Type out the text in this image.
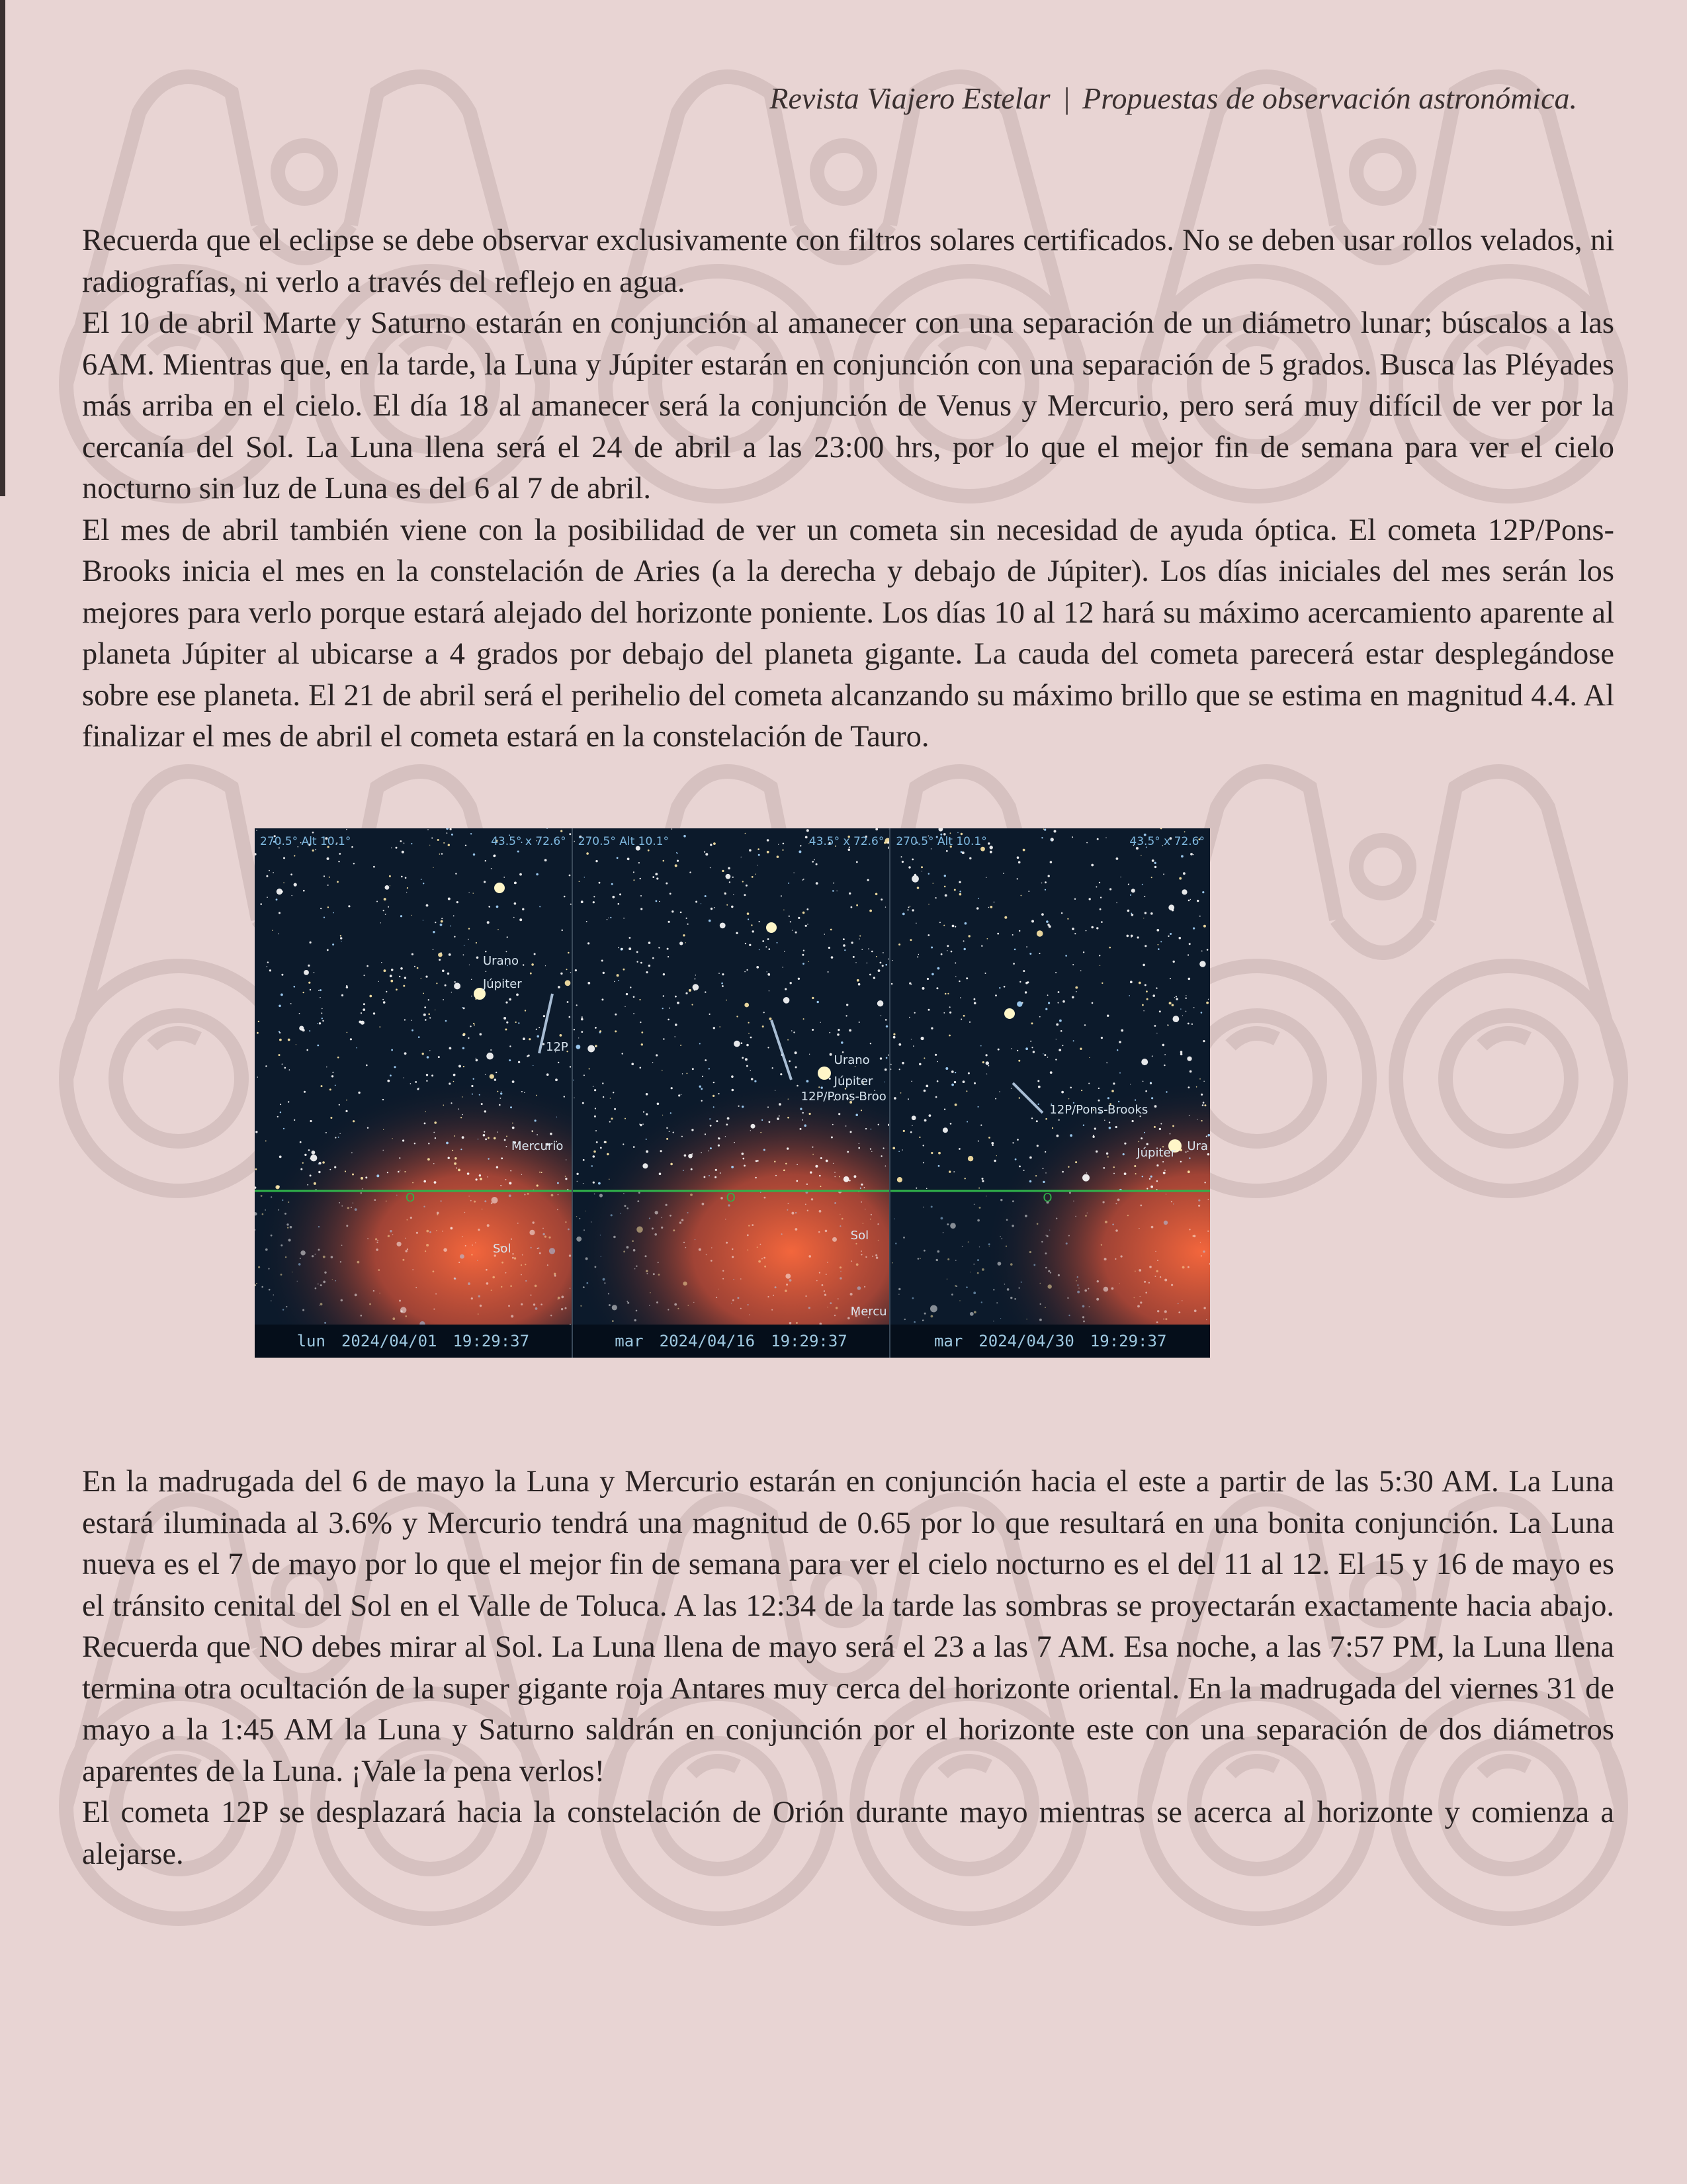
Revista Viajero Estelar | Propuestas de observación astronómica.

Recuerda que el eclipse se debe observar exclusivamente con filtros solares certificados. No se deben usar rollos velados, ni radiografías, ni verlo a través del reflejo en agua.

El 10 de abril Marte y Saturno estarán en conjunción al amanecer con una separación de un diámetro lunar; búscalos a las 6AM. Mientras que, en la tarde, la Luna y Júpiter estarán en conjunción con una separación de 5 grados. Busca las Pléyades más arriba en el cielo. El día 18 al amanecer será la conjunción de Venus y Mercurio, pero será muy difícil de ver por la cercanía del Sol. La Luna llena será el 24 de abril a las 23:00 hrs, por lo que el mejor fin de semana para ver el cielo nocturno sin luz de Luna es del 6 al 7 de abril.

El mes de abril también viene con la posibilidad de ver un cometa sin necesidad de ayuda óptica. El cometa 12P/Pons-Brooks inicia el mes en la constelación de Aries (a la derecha y debajo de Júpiter). Los días iniciales del mes serán los mejores para verlo porque estará alejado del horizonte poniente. Los días 10 al 12 hará su máximo acercamiento aparente al planeta Júpiter al ubicarse a 4 grados por debajo del planeta gigante. La cauda del cometa parecerá estar desplegándose sobre ese planeta. El 21 de abril será el perihelio del cometa alcanzando su máximo brillo que se estima en magnitud 4.4. Al finalizar el mes de abril el cometa estará en la constelación de Tauro.

270.5° Alt 10.1°	43.5° x 72.6°
Urano
Júpiter
12P
Mercurio
Sol
O
lun 2024/04/01 19:29:37
270.5° Alt 10.1°	43.5° x 72.6°
Urano
Júpiter
12P/Pons-Broo
Sol
Mercu
O
mar 2024/04/16 19:29:37
270.5° Alt 10.1°	43.5° x 72.6°
12P/Pons-Brooks
Júpiter Ura
O
mar 2024/04/30 19:29:37

En la madrugada del 6 de mayo la Luna y Mercurio estarán en conjunción hacia el este a partir de las 5:30 AM. La Luna estará iluminada al 3.6% y Mercurio tendrá una magnitud de 0.65 por lo que resultará en una bonita conjunción. La Luna nueva es el 7 de mayo por lo que el mejor fin de semana para ver el cielo nocturno es el del 11 al 12. El 15 y 16 de mayo es el tránsito cenital del Sol en el Valle de Toluca. A las 12:34 de la tarde las sombras se proyectarán exactamente hacia abajo. Recuerda que NO debes mirar al Sol. La Luna llena de mayo será el 23 a las 7 AM. Esa noche, a las 7:57 PM, la Luna llena termina otra ocultación de la super gigante roja Antares muy cerca del horizonte oriental. En la madrugada del viernes 31 de mayo a la 1:45 AM la Luna y Saturno saldrán en conjunción por el horizonte este con una separación de dos diámetros aparentes de la Luna. ¡Vale la pena verlos!

El cometa 12P se desplazará hacia la constelación de Orión durante mayo mientras se acerca al horizonte y comienza a alejarse.
